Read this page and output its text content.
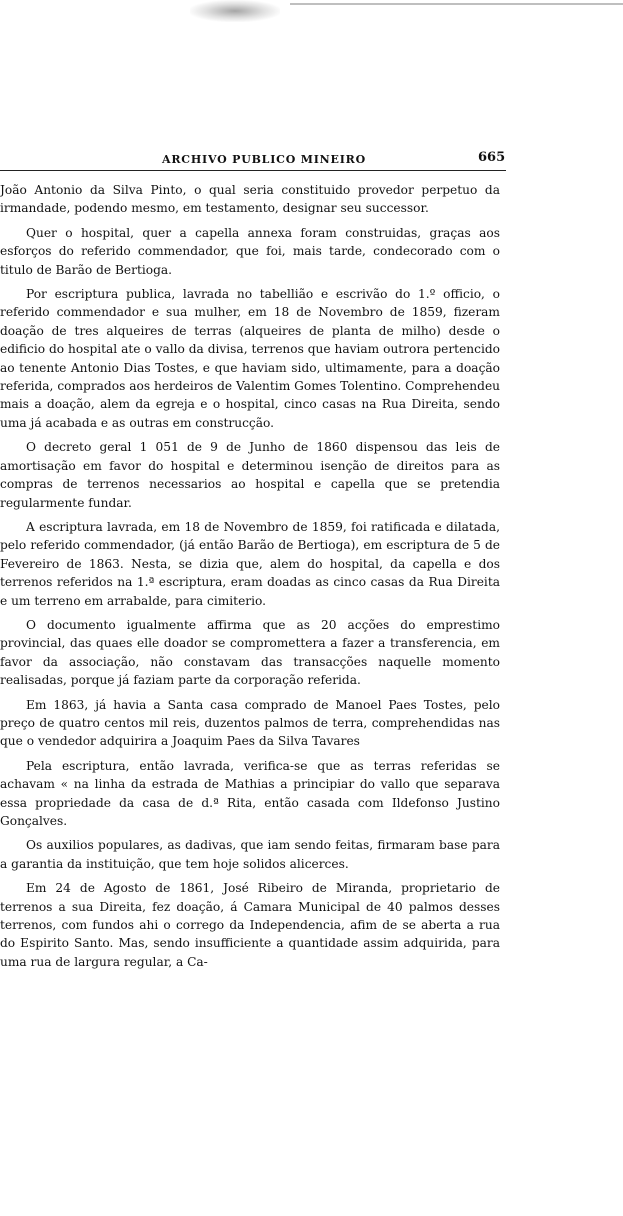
ARCHIVO PUBLICO MINEIRO	665

João Antonio da Silva Pinto, o qual seria constituido provedor perpetuo da irmandade, podendo mesmo, em testamento, designar seu successor.

Quer o hospital, quer a capella annexa foram construidas, graças aos esforços do referido commendador, que foi, mais tarde, condecorado com o titulo de Barão de Bertioga.

Por escriptura publica, lavrada no tabellião e escrivão do 1.º officio, o referido commendador e sua mulher, em 18 de Novembro de 1859, fizeram doação de tres alqueires de terras (alqueires de planta de milho) desde o edificio do hospital ate o vallo da divisa, terrenos que haviam outrora pertencido ao tenente Antonio Dias Tostes, e que haviam sido, ultimamente, para a doação referida, comprados aos herdeiros de Valentim Gomes Tolentino. Comprehendeu mais a doação, alem da egreja e o hospital, cinco casas na Rua Direita, sendo uma já acabada e as outras em construcção.

O decreto geral 1 051 de 9 de Junho de 1860 dispensou das leis de amortisação em favor do hospital e determinou isenção de direitos para as compras de terrenos necessarios ao hospital e capella que se pretendia regularmente fundar.

A escriptura lavrada, em 18 de Novembro de 1859, foi ratificada e dilatada, pelo referido commendador, (já então Barão de Bertioga), em escriptura de 5 de Fevereiro de 1863. Nesta, se dizia que, alem do hospital, da capella e dos terrenos referidos na 1.ª escriptura, eram doadas as cinco casas da Rua Direita e um terreno em arrabalde, para cimiterio.

O documento igualmente affirma que as 20 acções do emprestimo provincial, das quaes elle doador se compromettera a fazer a transferencia, em favor da associação, não constavam das transacções naquelle momento realisadas, porque já faziam parte da corporação referida.

Em 1863, já havia a Santa casa comprado de Manoel Paes Tostes, pelo preço de quatro centos mil reis, duzentos palmos de terra, comprehendidas nas que o vendedor adquirira a Joaquim Paes da Silva Tavares

Pela escriptura, então lavrada, verifica-se que as terras referidas se achavam « na linha da estrada de Mathias a principiar do vallo que separava essa propriedade da casa de d.ª Rita, então casada com Ildefonso Justino Gonçalves.

Os auxilios populares, as dadivas, que iam sendo feitas, firmaram base para a garantia da instituição, que tem hoje solidos alicerces.

Em 24 de Agosto de 1861, José Ribeiro de Miranda, proprietario de terrenos a sua Direita, fez doação, á Camara Municipal de 40 palmos desses terrenos, com fundos ahi o corrego da Independencia, afim de se aberta a rua do Espirito Santo. Mas, sendo insufficiente a quantidade assim adquirida, para uma rua de largura regular, a Ca-
